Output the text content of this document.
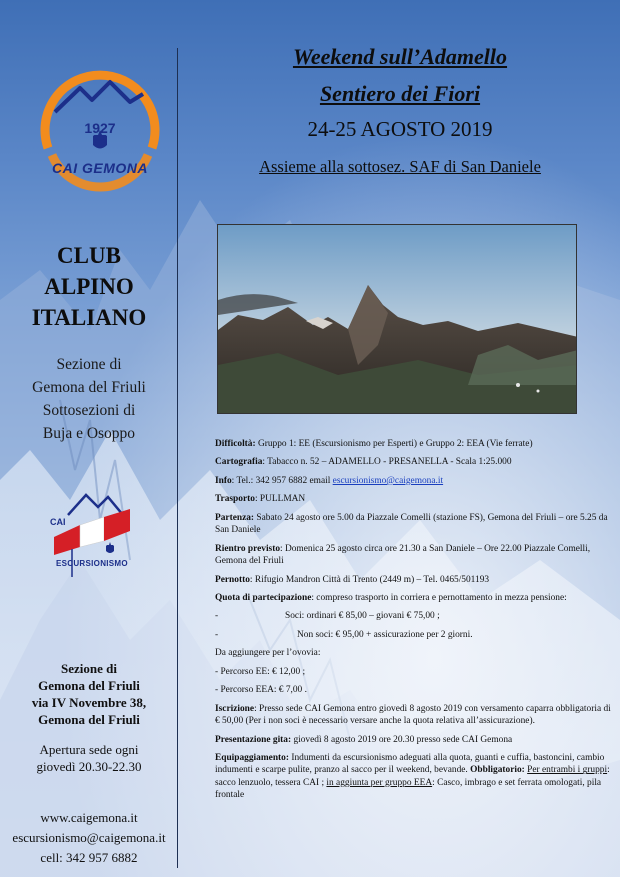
1927
CAI GEMONA
CLUB
ALPINO
ITALIANO
Sezione di
Gemona del Friuli
Sottosezioni di
Buja e Osoppo
CAI
ESCURSIONISMO
Sezione di
Gemona del Friuli
via IV Novembre 38,
Gemona del Friuli
Apertura sede ogni
giovedì 20.30-22.30
www.caigemona.it
escursionismo@caigemona.it
cell: 342 957 6882
Weekend sull’Adamello
Sentiero dei Fiori
24-25 AGOSTO 2019
Assieme alla sottosez. SAF di San Daniele

Difficoltà: Gruppo 1: EE (Escursionismo per Esperti) e Gruppo 2: EEA (Vie ferrate)

Cartografia: Tabacco n. 52 – ADAMELLO - PRESANELLA - Scala 1:25.000

Info: Tel.: 342 957 6882 email escursionismo@caigemona.it

Trasporto: PULLMAN

Partenza: Sabato 24 agosto ore 5.00 da Piazzale Comelli (stazione FS), Gemona del Friuli – ore 5.25 da San Daniele

Rientro previsto: Domenica 25 agosto circa ore 21.30 a San Daniele – Ore 22.00 Piazzale Comelli, Gemona del Friuli

Pernotto: Rifugio Mandron Città di Trento (2449 m) – Tel. 0465/501193

Quota di partecipazione: compreso trasporto in corriera e pernottamento in mezza pensione:

-	Soci: ordinari € 85,00 – giovani € 75,00 ;

-	Non soci: € 95,00 + assicurazione per 2 giorni.

Da aggiungere per l’ovovia:

- Percorso EE: € 12,00 ;

- Percorso EEA: € 7,00 .

Iscrizione: Presso sede CAI Gemona entro giovedì 8 agosto 2019 con versamento caparra obbligatoria di € 50,00 (Per i non soci è necessario versare anche la quota relativa all’assicurazione).

Presentazione gita: giovedì 8 agosto 2019 ore 20.30 presso sede CAI Gemona

Equipaggiamento: Indumenti da escursionismo adeguati alla quota, guanti e cuffia, bastoncini, cambio indumenti e scarpe pulite, pranzo al sacco per il weekend, bevande. Obbligatorio: Per entrambi i gruppi: sacco lenzuolo, tessera CAI ; in aggiunta per gruppo EEA: Casco, imbrago e set ferrata omologati, pila frontale
